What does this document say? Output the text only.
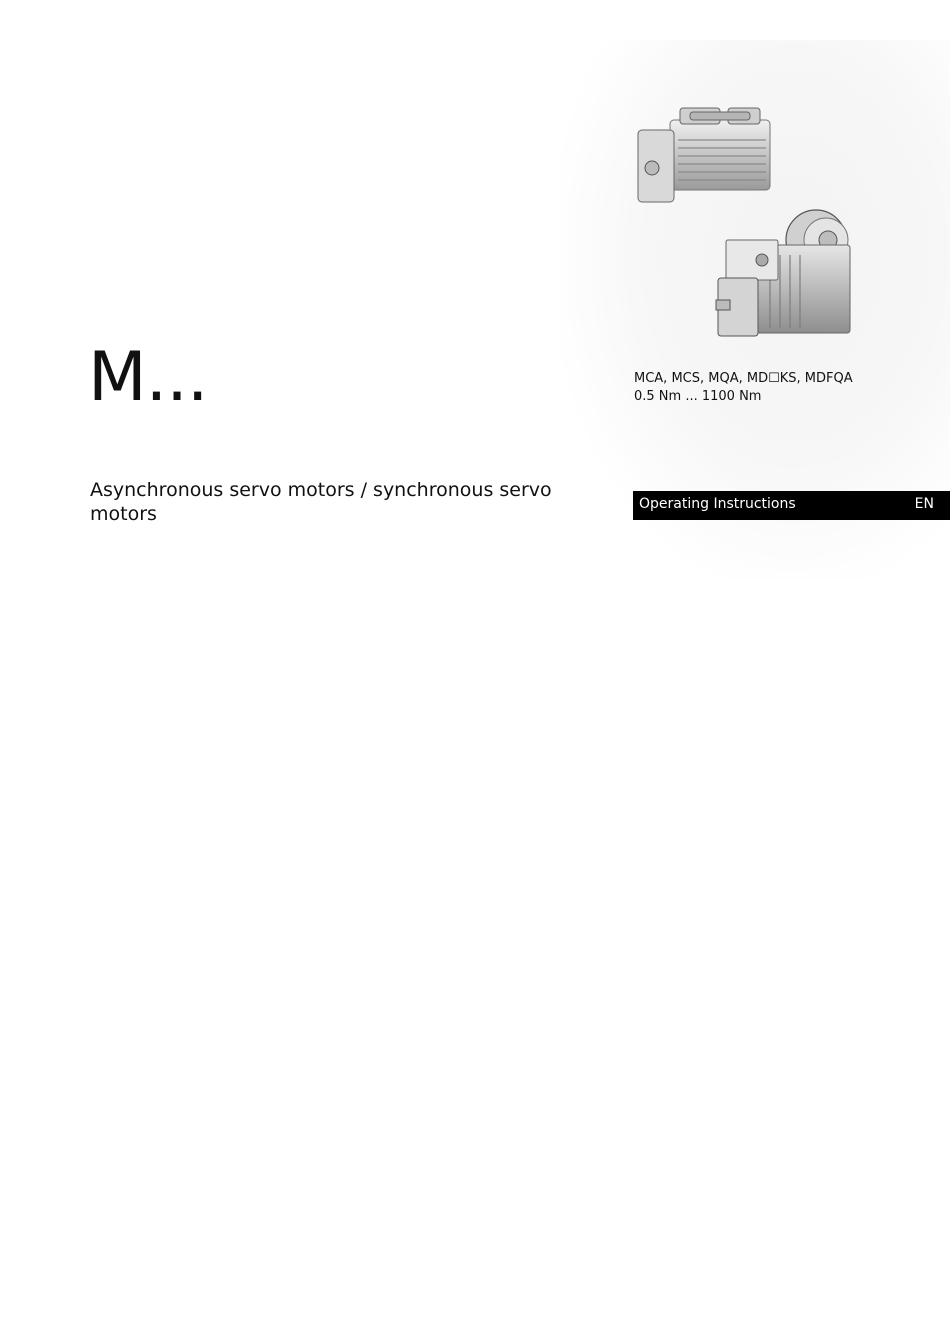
M...
Asynchronous servo motors / synchronous servo motors
MCA, MCS, MQA, MD☐KS, MDFQA
0.5 Nm ... 1100 Nm
Operating Instructions	EN
